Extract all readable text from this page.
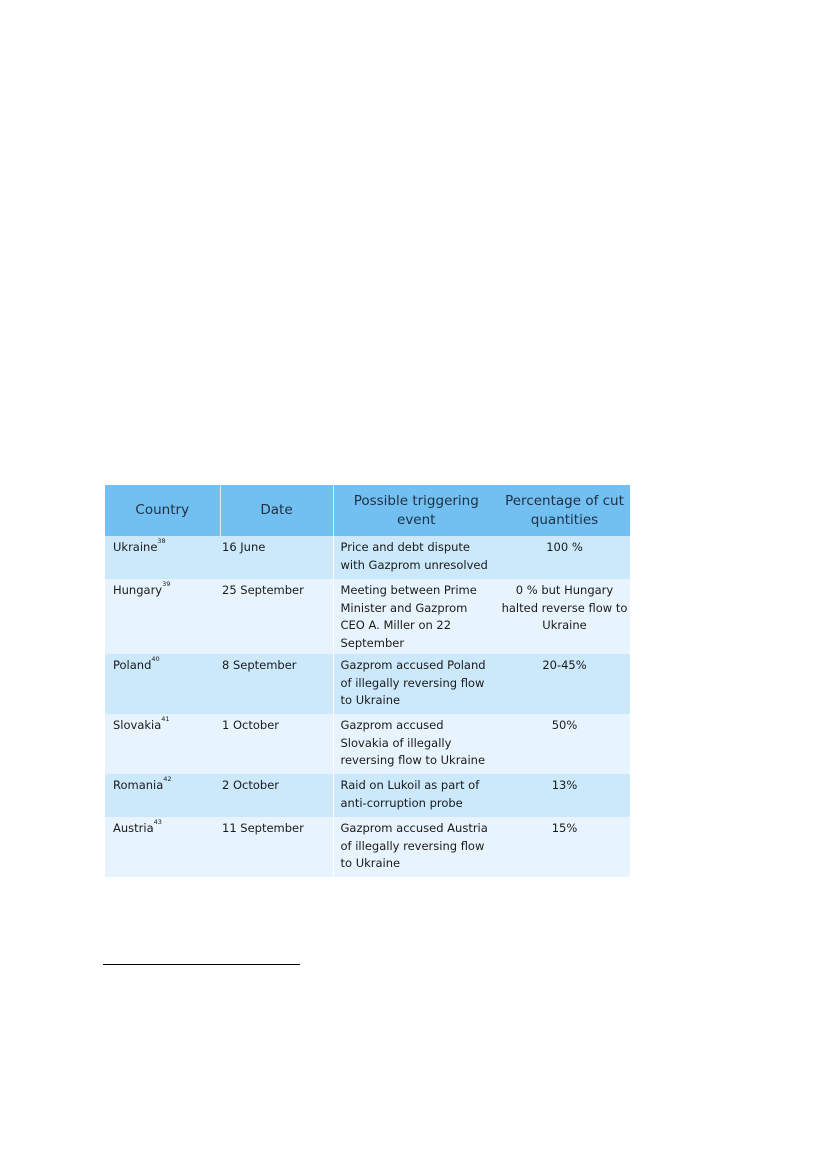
Country	Date	Possible triggering event	Percentage of cut quantities
Ukraine$^{38}$	16 June	Price and debt dispute with Gazprom unresolved	100 %
Hungary$^{39}$	25 September	Meeting between Prime Minister and Gazprom CEO A. Miller on 22 September	0 % but Hungary halted reverse flow to Ukraine
Poland$^{40}$	8 September	Gazprom accused Poland of illegally reversing flow to Ukraine	20-45%
Slovakia$^{41}$	1 October	Gazprom accused Slovakia of illegally reversing flow to Ukraine	50%
Romania$^{42}$	2 October	Raid on Lukoil as part of anti-corruption probe	13%
Austria$^{43}$	11 September	Gazprom accused Austria of illegally reversing flow to Ukraine	15%
